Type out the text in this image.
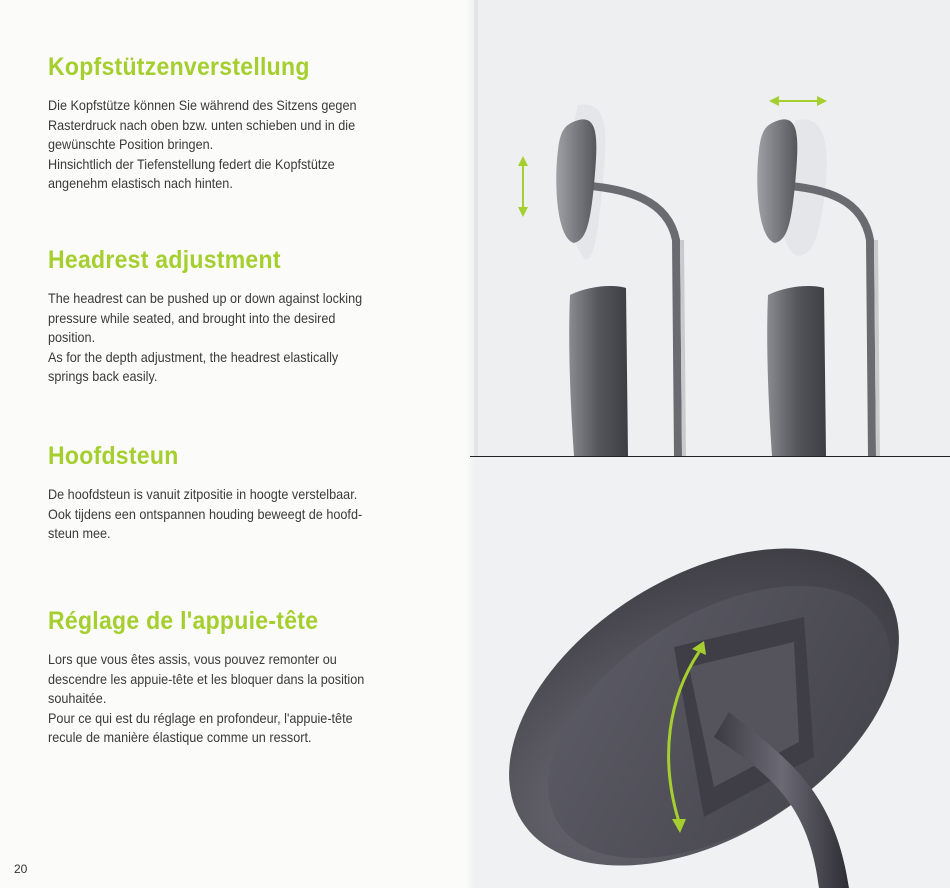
Kopfstützenverstellung

Die Kopfstütze können Sie während des Sitzens gegen

Rasterdruck nach oben bzw. unten schieben und in die

gewünschte Position bringen.

Hinsichtlich der Tiefenstellung federt die Kopfstütze

angenehm elastisch nach hinten.

Headrest adjustment

The headrest can be pushed up or down against locking

pressure while seated, and brought into the desired

position.

As for the depth adjustment, the headrest elastically

springs back easily.

Hoofdsteun

De hoofdsteun is vanuit zitpositie in hoogte verstelbaar.

Ook tijdens een ontspannen houding beweegt de hoofd-

steun mee.

Réglage de l'appuie-tête

Lors que vous êtes assis, vous pouvez remonter ou

descendre les appuie-tête et les bloquer dans la position

souhaitée.

Pour ce qui est du réglage en profondeur, l'appuie-tête

recule de manière élastique comme un ressort.

20
